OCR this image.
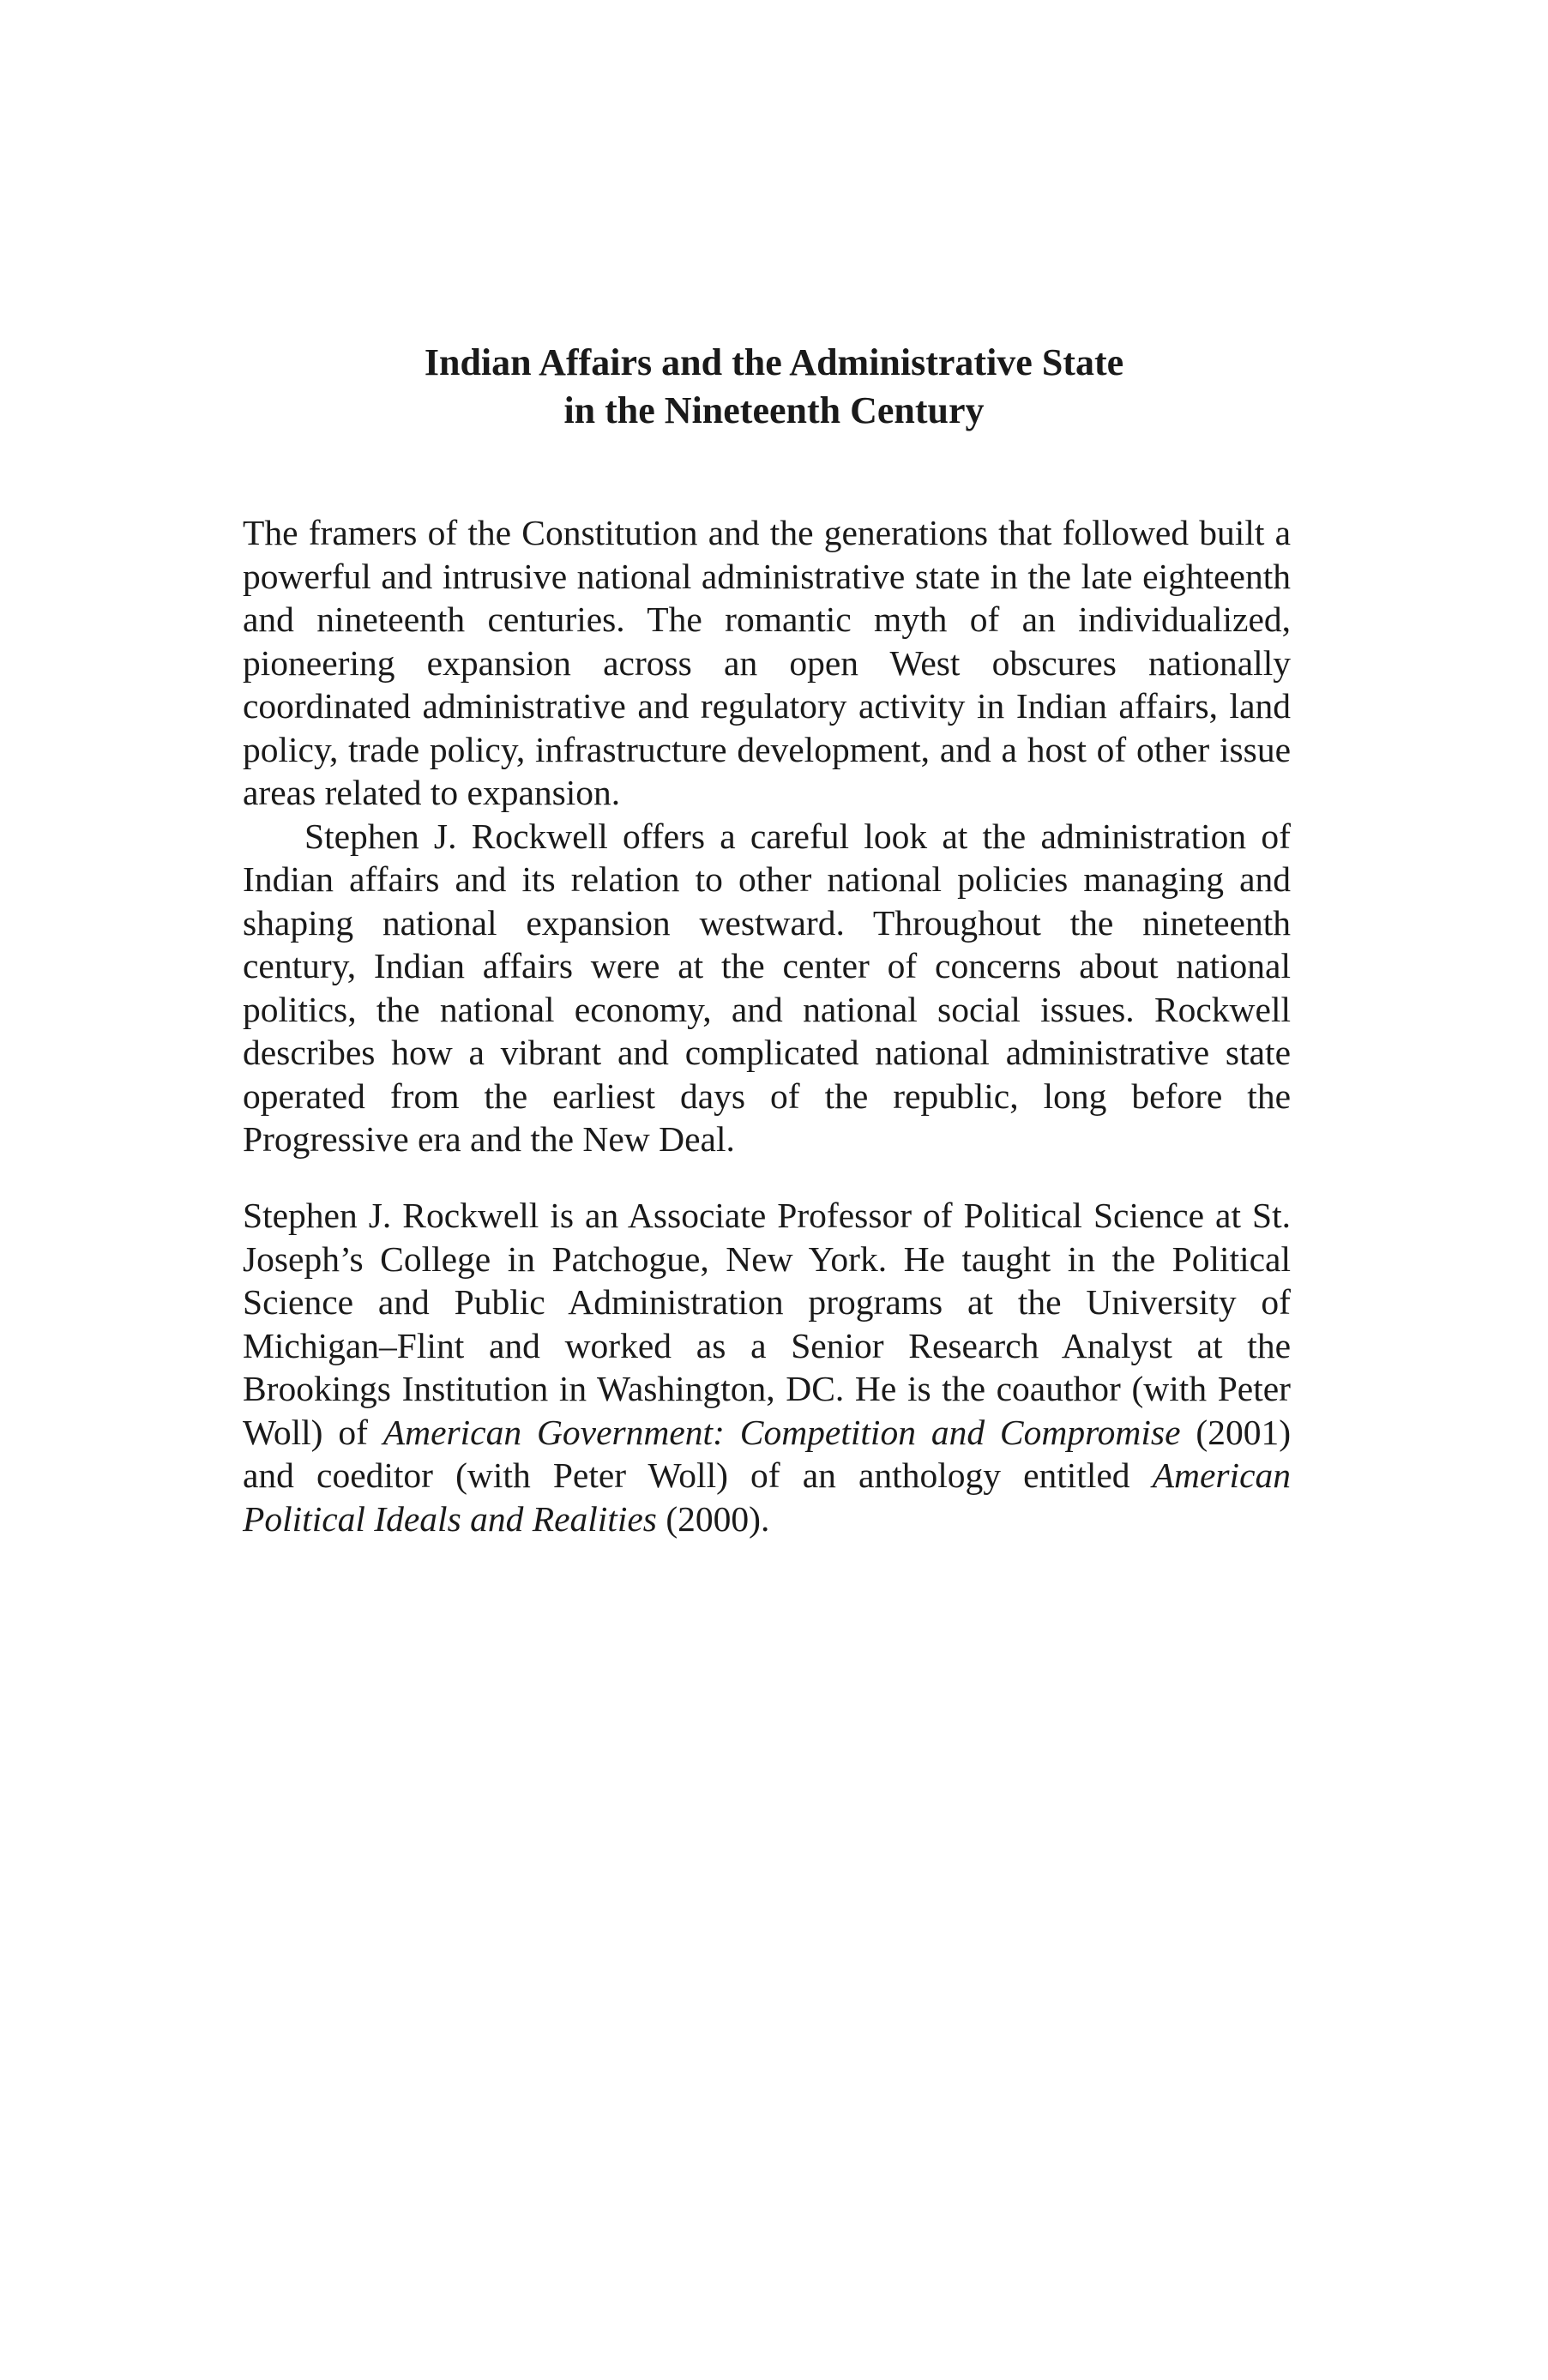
Indian Affairs and the Administrative State
in the Nineteenth Century

The framers of the Constitution and the generations that followed built a powerful and intrusive national administrative state in the late eighteenth and nineteenth centuries. The romantic myth of an individualized, pioneering expansion across an open West obscures nationally coordinated administrative and regulatory activity in Indian affairs, land policy, trade policy, infrastructure development, and a host of other issue areas related to expansion.

Stephen J. Rockwell offers a careful look at the administration of Indian affairs and its relation to other national policies managing and shaping national expansion westward. Throughout the nineteenth century, Indian affairs were at the center of concerns about national politics, the national economy, and national social issues. Rockwell describes how a vibrant and complicated national administrative state operated from the earliest days of the republic, long before the Progressive era and the New Deal.

Stephen J. Rockwell is an Associate Professor of Political Science at St. Joseph’s College in Patchogue, New York. He taught in the Political Science and Public Administration programs at the University of Michigan–Flint and worked as a Senior Research Analyst at the Brookings Institution in Washington, DC. He is the coauthor (with Peter Woll) of American Government: Competition and Compromise (2001) and coeditor (with Peter Woll) of an anthology entitled American Political Ideals and Realities (2000).
